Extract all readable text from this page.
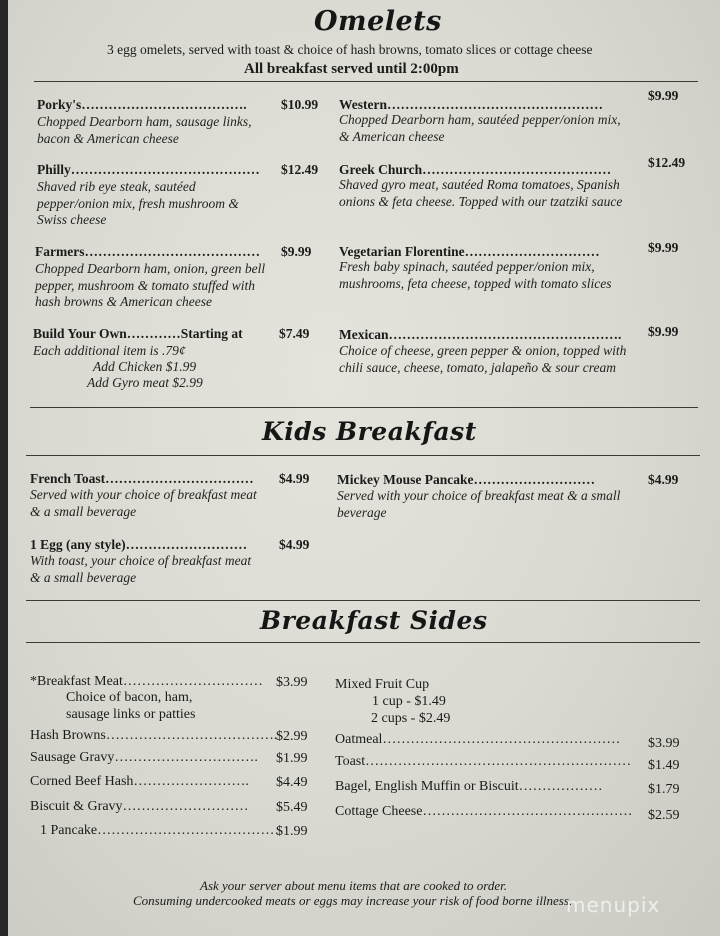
Omelets
3 egg omelets, served with toast & choice of hash browns, tomato slices or cottage cheese
All breakfast served until 2:00pm
Porky's……………………………….	$10.99
Chopped Dearborn ham, sausage links, bacon & American cheese
Philly…………………………………… $12.49
Shaved rib eye steak, sautéed pepper/onion mix, fresh mushroom & Swiss cheese
Farmers………………………………… $9.99
Chopped Dearborn ham, onion, green bell pepper, mushroom & tomato stuffed with hash browns & American cheese
Build Your Own…………Starting at	$7.49
Each additional item is .79¢
Add Chicken $1.99
Add Gyro meat $2.99
Western…………………………………………
$9.99
Chopped Dearborn ham, sautéed pepper/onion mix, & American cheese
Greek Church……………………………………	$12.49
Shaved gyro meat, sautéed Roma tomatoes, Spanish onions & feta cheese. Topped with our tzatziki sauce
Vegetarian Florentine…………………………	$9.99
Fresh baby spinach, sautéed pepper/onion mix, mushrooms, feta cheese, topped with tomato slices
Mexican……………………………………………. $9.99
Choice of cheese, green pepper & onion, topped with chili sauce, cheese, tomato, jalapeño & sour cream
Kids Breakfast
French Toast…………………………… $4.99
Served with your choice of breakfast meat & a small beverage
Mickey Mouse Pancake………………………	$4.99
Served with your choice of breakfast meat & a small beverage
1 Egg (any style)……………………… $4.99
With toast, your choice of breakfast meat & a small beverage
Breakfast Sides
*Breakfast Meat………………………… $3.99
Choice of bacon, ham,
sausage links or patties
Hash Browns……………………………….
$2.99
Sausage Gravy…………………………. $1.99
Corned Beef Hash……………………. $4.49
Biscuit & Gravy……………………… $5.49
1 Pancake…………………………………
$1.99
Mixed Fruit Cup
1 cup - $1.49
2 cups - $2.49
Oatmeal…………………………………………… $3.99
Toast………………………………………………… $1.49
Bagel, English Muffin or Biscuit………………	$1.79
Cottage Cheese……………………………………… $2.59
Ask your server about menu items that are cooked to order.
Consuming undercooked meats or eggs may increase your risk of food borne illness.
menupix
